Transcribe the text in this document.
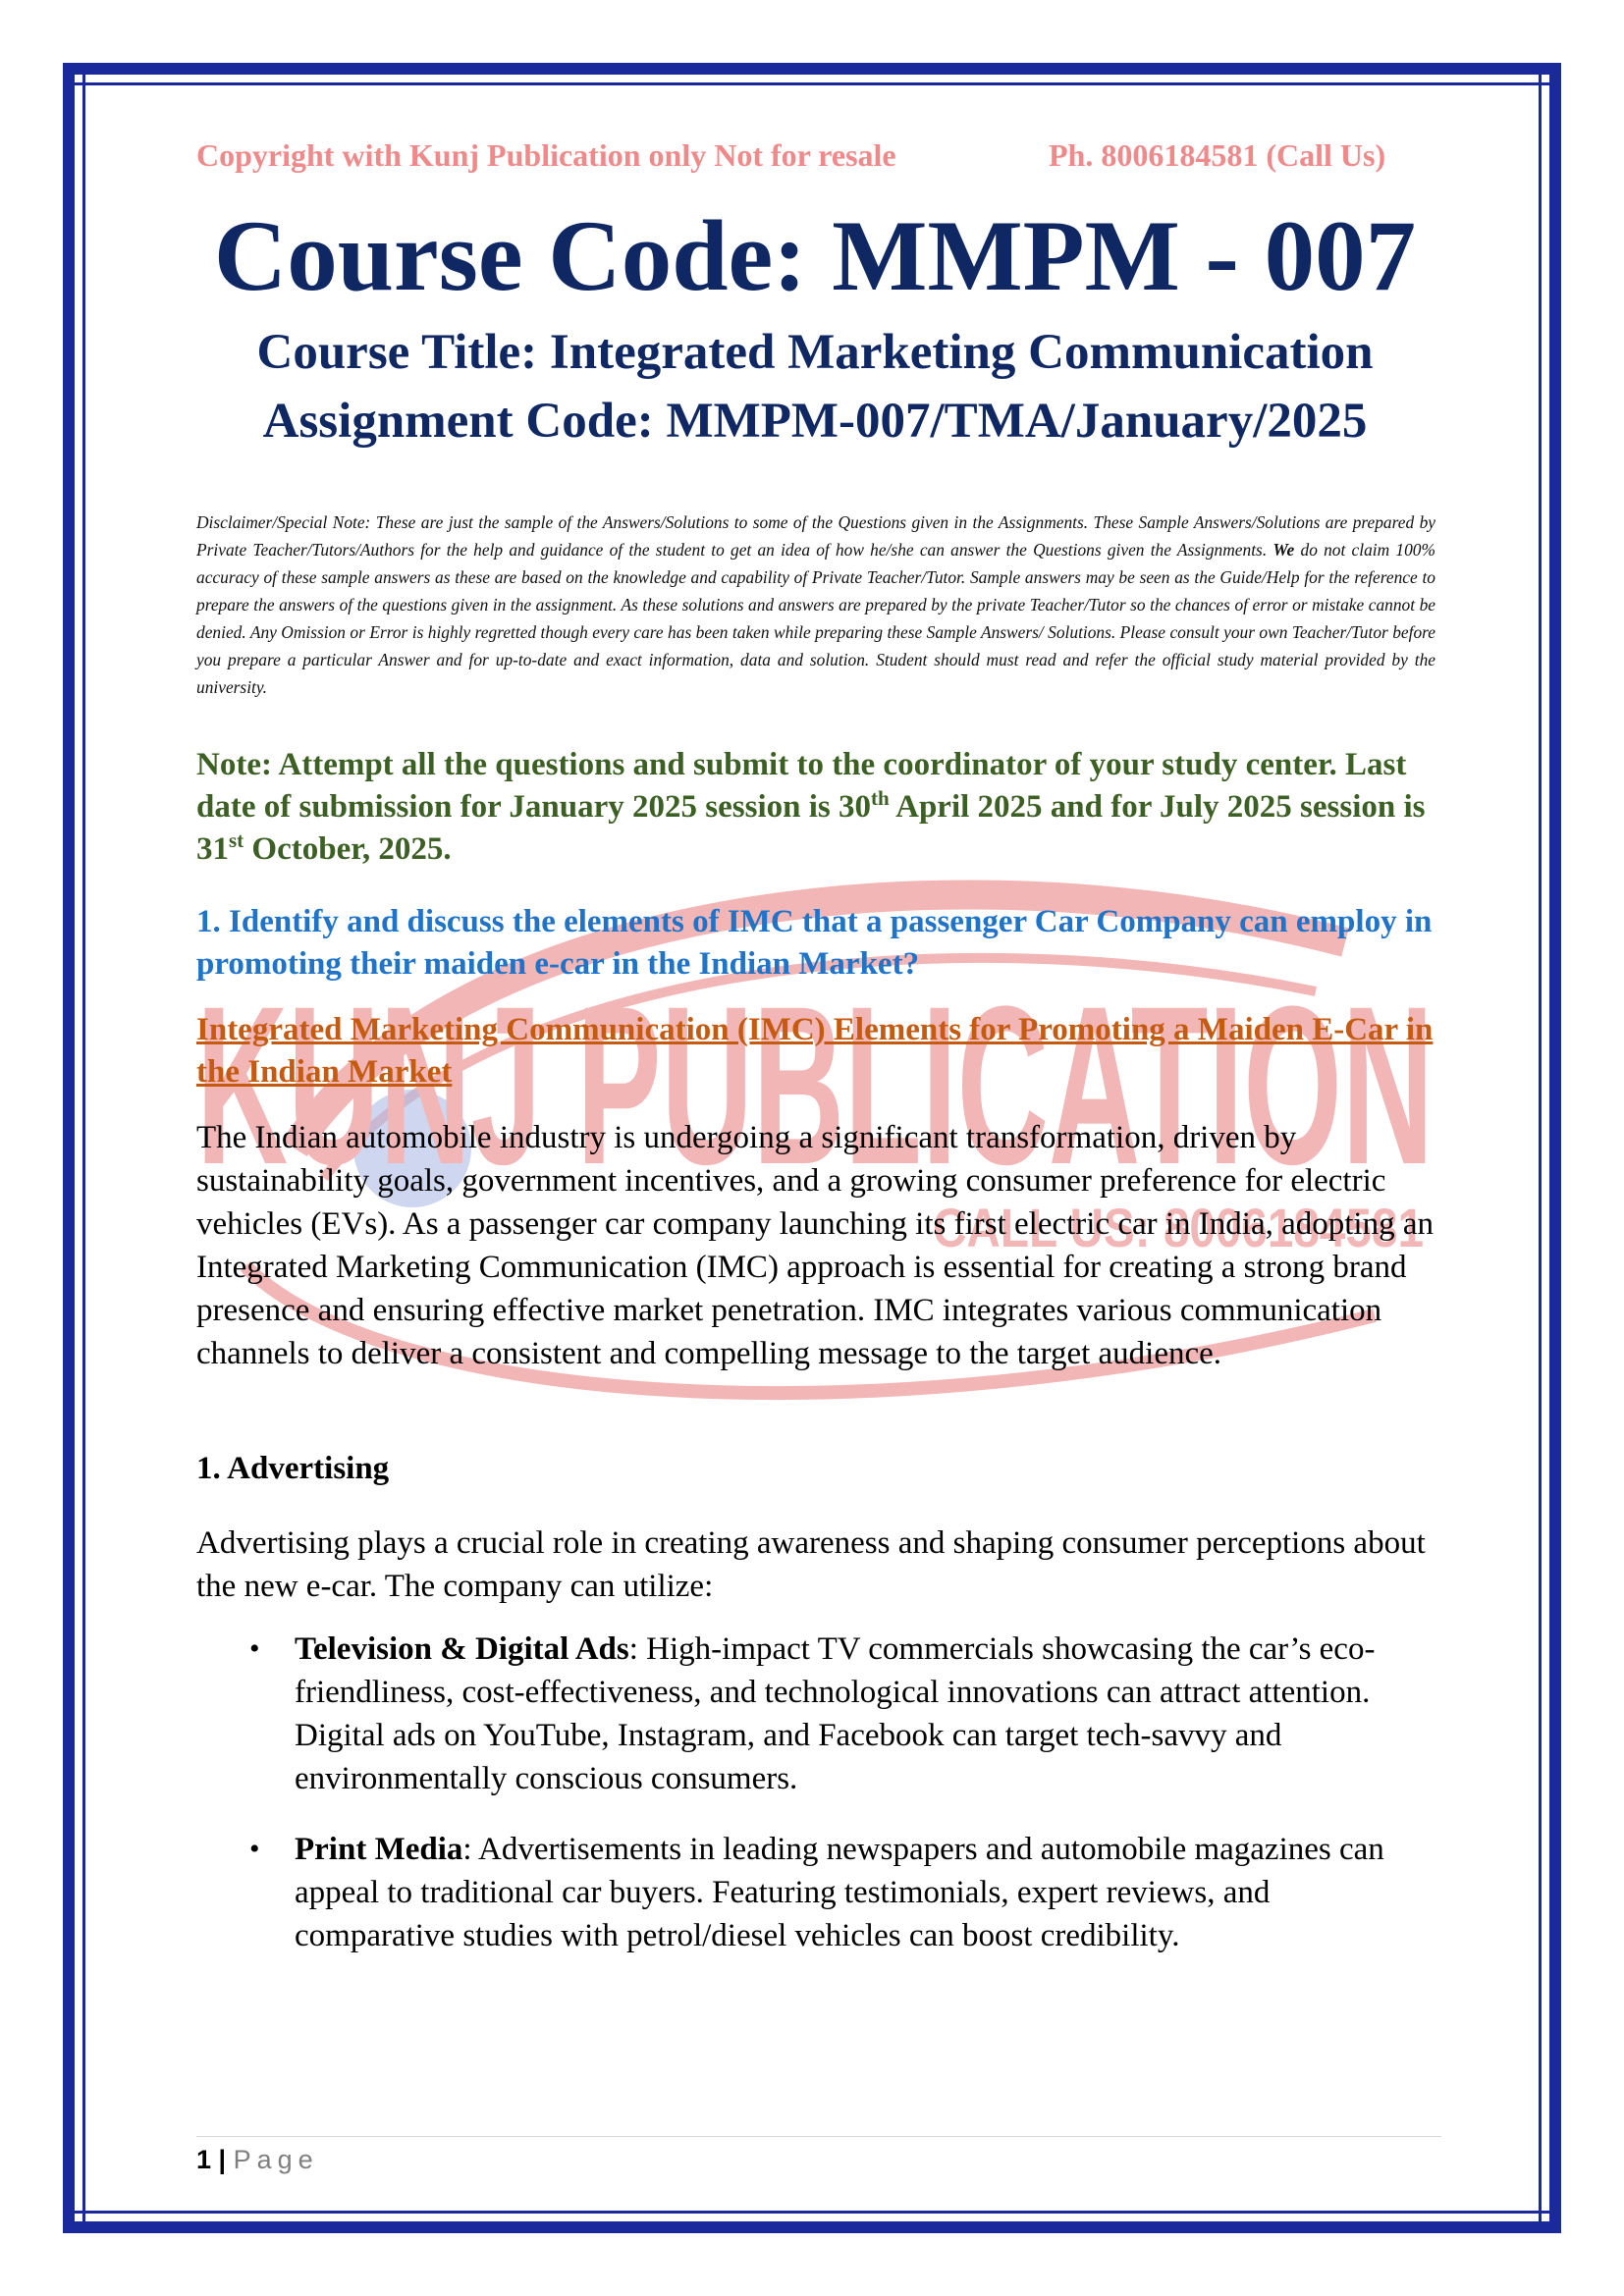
KUNJ PUBLICATION
CALL US: 8006184581
Copyright with Kunj Publication only Not for resale	Ph. 8006184581 (Call Us)
Course Code: MMPM - 007
Course Title: Integrated Marketing Communication
Assignment Code: MMPM-007/TMA/January/2025
Disclaimer/Special Note: These are just the sample of the Answers/Solutions to some of the Questions given in the Assignments. These Sample Answers/Solutions are prepared by Private Teacher/Tutors/Authors for the help and guidance of the student to get an idea of how he/she can answer the Questions given the Assignments. We do not claim 100% accuracy of these sample answers as these are based on the knowledge and capability of Private Teacher/Tutor. Sample answers may be seen as the Guide/Help for the reference to prepare the answers of the questions given in the assignment. As these solutions and answers are prepared by the private Teacher/Tutor so the chances of error or mistake cannot be denied. Any Omission or Error is highly regretted though every care has been taken while preparing these Sample Answers/ Solutions. Please consult your own Teacher/Tutor before you prepare a particular Answer and for up-to-date and exact information, data and solution. Student should must read and refer the official study material provided by the university.
Note: Attempt all the questions and submit to the coordinator of your study center. Last date of submission for January 2025 session is 30th April 2025 and for July 2025 session is 31st October, 2025.
1. Identify and discuss the elements of IMC that a passenger Car Company can employ in promoting their maiden e-car in the Indian Market?
Integrated Marketing Communication (IMC) Elements for Promoting a Maiden E-Car in the Indian Market
The Indian automobile industry is undergoing a significant transformation, driven by sustainability goals, government incentives, and a growing consumer preference for electric vehicles (EVs). As a passenger car company launching its first electric car in India, adopting an Integrated Marketing Communication (IMC) approach is essential for creating a strong brand presence and ensuring effective market penetration. IMC integrates various communication channels to deliver a consistent and compelling message to the target audience.
1. Advertising
Advertising plays a crucial role in creating awareness and shaping consumer perceptions about the new e-car. The company can utilize:
• Television & Digital Ads: High-impact TV commercials showcasing the car’s eco-friendliness, cost-effectiveness, and technological innovations can attract attention. Digital ads on YouTube, Instagram, and Facebook can target tech-savvy and environmentally conscious consumers.
• Print Media: Advertisements in leading newspapers and automobile magazines can appeal to traditional car buyers. Featuring testimonials, expert reviews, and comparative studies with petrol/diesel vehicles can boost credibility.
1 | Page
